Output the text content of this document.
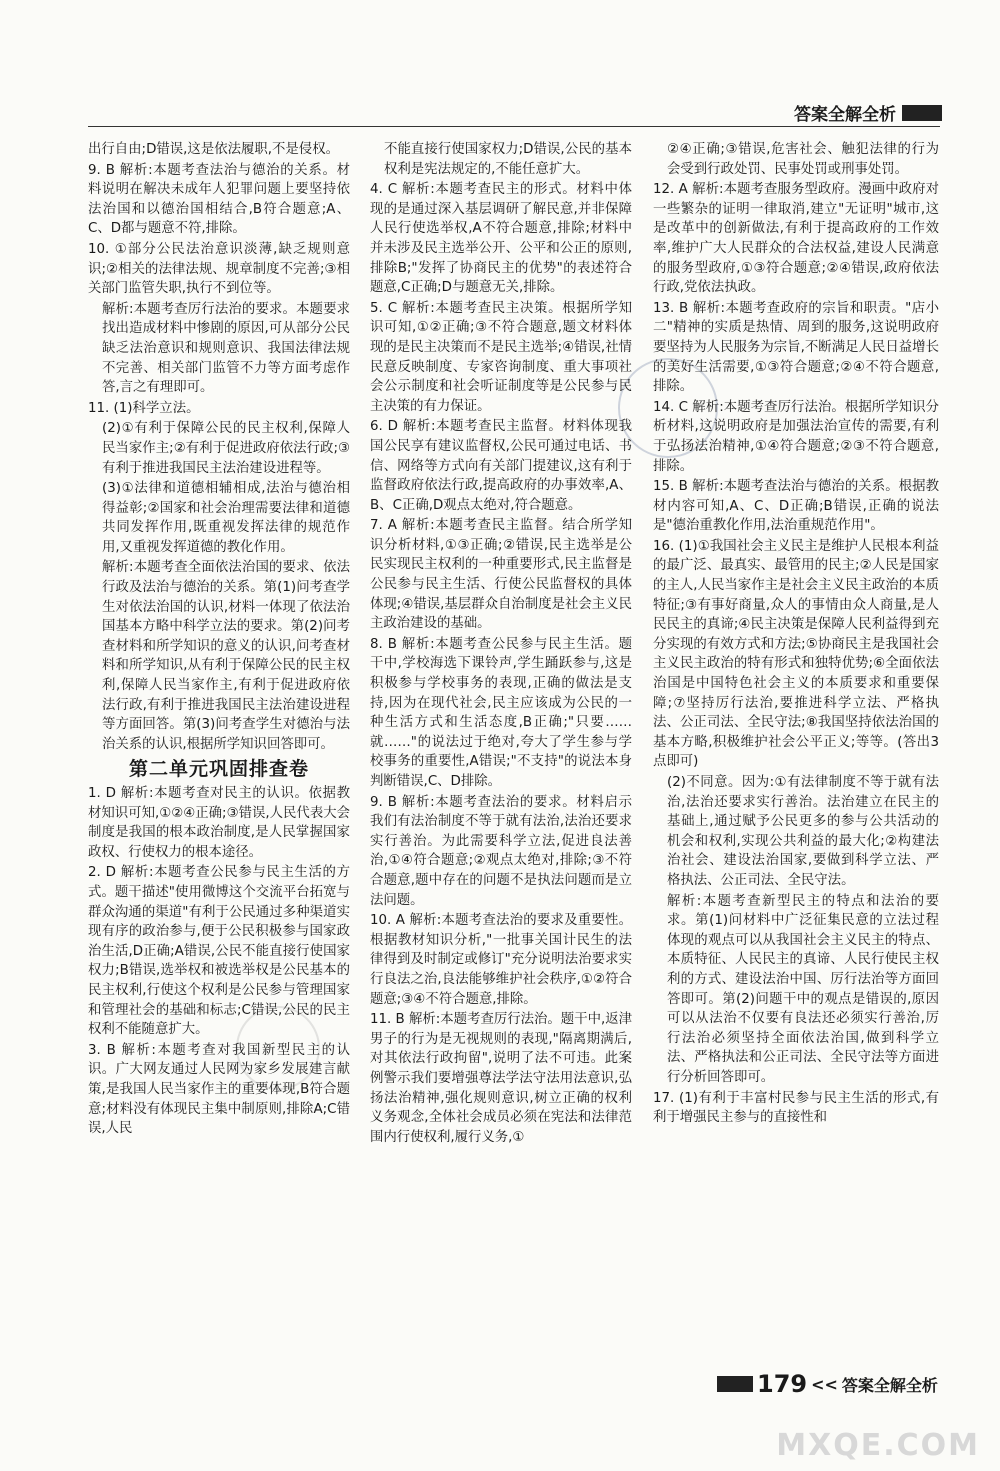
答案全解全析

出行自由;D错误,这是依法履职,不是侵权。

9. B 解析:本题考查法治与德治的关系。材料说明在解决未成年人犯罪问题上要坚持依法治国和以德治国相结合,B符合题意;A、C、D都与题意不符,排除。

10. ①部分公民法治意识淡薄,缺乏规则意识;②相关的法律法规、规章制度不完善;③相关部门监管失职,执行不到位等。

解析:本题考查厉行法治的要求。本题要求找出造成材料中惨剧的原因,可从部分公民缺乏法治意识和规则意识、我国法律法规不完善、相关部门监管不力等方面考虑作答,言之有理即可。

11. (1)科学立法。

(2)①有利于保障公民的民主权利,保障人民当家作主;②有利于促进政府依法行政;③有利于推进我国民主法治建设进程等。

(3)①法律和道德相辅相成,法治与德治相得益彰;②国家和社会治理需要法律和道德共同发挥作用,既重视发挥法律的规范作用,又重视发挥道德的教化作用。

解析:本题考查全面依法治国的要求、依法行政及法治与德治的关系。第(1)问考查学生对依法治国的认识,材料一体现了依法治国基本方略中科学立法的要求。第(2)问考查材料和所学知识的意义的认识,问考查材料和所学知识,从有利于保障公民的民主权利,保障人民当家作主,有利于促进政府依法行政,有利于推进我国民主法治建设进程等方面回答。第(3)问考查学生对德治与法治关系的认识,根据所学知识回答即可。

第二单元巩固排查卷

1. D 解析:本题考查对民主的认识。依据教材知识可知,①②④正确;③错误,人民代表大会制度是我国的根本政治制度,是人民掌握国家政权、行使权力的根本途径。

2. D 解析:本题考查公民参与民主生活的方式。题干描述"使用微博这个交流平台拓宽与群众沟通的渠道"有利于公民通过多种渠道实现有序的政治参与,便于公民积极参与国家政治生活,D正确;A错误,公民不能直接行使国家权力;B错误,选举权和被选举权是公民基本的民主权利,行使这个权利是公民参与管理国家和管理社会的基础和标志;C错误,公民的民主权利不能随意扩大。

3. B 解析:本题考查对我国新型民主的认识。广大网友通过人民网为家乡发展建言献策,是我国人民当家作主的重要体现,B符合题意;材料没有体现民主集中制原则,排除A;C错误,人民

不能直接行使国家权力;D错误,公民的基本权利是宪法规定的,不能任意扩大。

4. C 解析:本题考查民主的形式。材料中体现的是通过深入基层调研了解民意,并非保障人民行使选举权,A不符合题意,排除;材料中并未涉及民主选举公开、公平和公正的原则,排除B;"发挥了协商民主的优势"的表述符合题意,C正确;D与题意无关,排除。

5. C 解析:本题考查民主决策。根据所学知识可知,①②正确;③不符合题意,题文材料体现的是民主决策而不是民主选举;④错误,社情民意反映制度、专家咨询制度、重大事项社会公示制度和社会听证制度等是公民参与民主决策的有力保证。

6. D 解析:本题考查民主监督。材料体现我国公民享有建议监督权,公民可通过电话、书信、网络等方式向有关部门提建议,这有利于监督政府依法行政,提高政府的办事效率,A、B、C正确,D观点太绝对,符合题意。

7. A 解析:本题考查民主监督。结合所学知识分析材料,①③正确;②错误,民主选举是公民实现民主权利的一种重要形式,民主监督是公民参与民主生活、行使公民监督权的具体体现;④错误,基层群众自治制度是社会主义民主政治建设的基础。

8. B 解析:本题考查公民参与民主生活。题干中,学校海选下课铃声,学生踊跃参与,这是积极参与学校事务的表现,正确的做法是支持,因为在现代社会,民主应该成为公民的一种生活方式和生活态度,B正确;"只要……就……"的说法过于绝对,夸大了学生参与学校事务的重要性,A错误;"不支持"的说法本身判断错误,C、D排除。

9. B 解析:本题考查法治的要求。材料启示我们有法治制度不等于就有法治,法治还要求实行善治。为此需要科学立法,促进良法善治,①④符合题意;②观点太绝对,排除;③不符合题意,题中存在的问题不是执法问题而是立法问题。

10. A 解析:本题考查法治的要求及重要性。根据教材知识分析,"一批事关国计民生的法律得到及时制定或修订"充分说明法治要求实行良法之治,良法能够维护社会秩序,①②符合题意;③④不符合题意,排除。

11. B 解析:本题考查厉行法治。题干中,返津男子的行为是无视规则的表现,"隔离期满后,对其依法行政拘留",说明了法不可违。此案例警示我们要增强尊法学法守法用法意识,弘扬法治精神,强化规则意识,树立正确的权利义务观念,全体社会成员必须在宪法和法律范围内行使权利,履行义务,①

②④正确;③错误,危害社会、触犯法律的行为会受到行政处罚、民事处罚或刑事处罚。

12. A 解析:本题考查服务型政府。漫画中政府对一些繁杂的证明一律取消,建立"无证明"城市,这是改革中的创新做法,有利于提高政府的工作效率,维护广大人民群众的合法权益,建设人民满意的服务型政府,①③符合题意;②④错误,政府依法行政,党依法执政。

13. B 解析:本题考查政府的宗旨和职责。"店小二"精神的实质是热情、周到的服务,这说明政府要坚持为人民服务为宗旨,不断满足人民日益增长的美好生活需要,①③符合题意;②④不符合题意,排除。

14. C 解析:本题考查厉行法治。根据所学知识分析材料,这说明政府是加强法治宣传的需要,有利于弘扬法治精神,①④符合题意;②③不符合题意,排除。

15. B 解析:本题考查法治与德治的关系。根据教材内容可知,A、C、D正确;B错误,正确的说法是"德治重教化作用,法治重规范作用"。

16. (1)①我国社会主义民主是维护人民根本利益的最广泛、最真实、最管用的民主;②人民是国家的主人,人民当家作主是社会主义民主政治的本质特征;③有事好商量,众人的事情由众人商量,是人民民主的真谛;④民主决策是保障人民利益得到充分实现的有效方式和方法;⑤协商民主是我国社会主义民主政治的特有形式和独特优势;⑥全面依法治国是中国特色社会主义的本质要求和重要保障;⑦坚持厉行法治,要推进科学立法、严格执法、公正司法、全民守法;⑧我国坚持依法治国的基本方略,积极维护社会公平正义;等等。(答出3点即可)

(2)不同意。因为:①有法律制度不等于就有法治,法治还要求实行善治。法治建立在民主的基础上,通过赋予公民更多的参与公共活动的机会和权利,实现公共利益的最大化;②构建法治社会、建设法治国家,要做到科学立法、严格执法、公正司法、全民守法。

解析:本题考查新型民主的特点和法治的要求。第(1)问材料中广泛征集民意的立法过程体现的观点可以从我国社会主义民主的特点、本质特征、人民民主的真谛、人民行使民主权利的方式、建设法治中国、厉行法治等方面回答即可。第(2)问题干中的观点是错误的,原因可以从法治不仅要有良法还必须实行善治,厉行法治必须坚持全面依法治国,做到科学立法、严格执法和公正司法、全民守法等方面进行分析回答即可。

17. (1)有利于丰富村民参与民主生活的形式,有利于增强民主参与的直接性和

179 << 答案全解全析
MXQE.COM
